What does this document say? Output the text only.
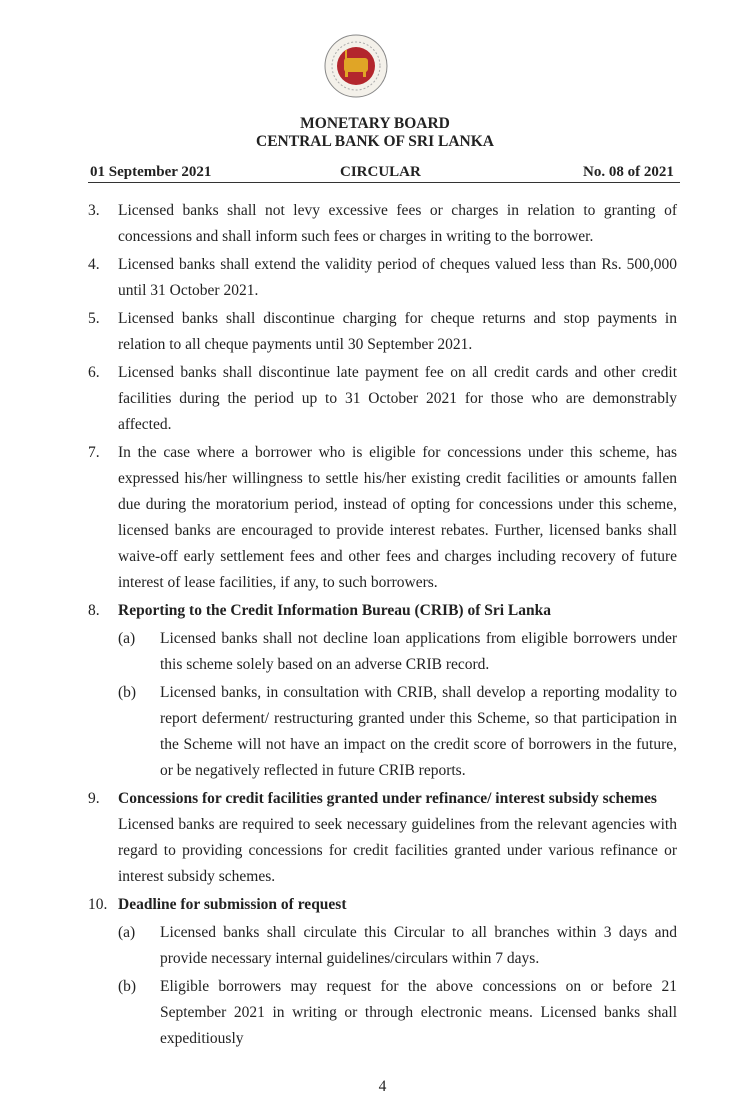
MONETARY BOARD
CENTRAL BANK OF SRI LANKA
01 September 2021	CIRCULAR	No. 08 of 2021
3.	Licensed banks shall not levy excessive fees or charges in relation to granting of concessions and shall inform such fees or charges in writing to the borrower.
4.	Licensed banks shall extend the validity period of cheques valued less than Rs. 500,000 until 31 October 2021.
5.	Licensed banks shall discontinue charging for cheque returns and stop payments in relation to all cheque payments until 30 September 2021.
6.	Licensed banks shall discontinue late payment fee on all credit cards and other credit facilities during the period up to 31 October 2021 for those who are demonstrably affected.
7.	In the case where a borrower who is eligible for concessions under this scheme, has expressed his/her willingness to settle his/her existing credit facilities or amounts fallen due during the moratorium period, instead of opting for concessions under this scheme, licensed banks are encouraged to provide interest rebates. Further, licensed banks shall waive-off early settlement fees and other fees and charges including recovery of future interest of lease facilities, if any, to such borrowers.
8.	Reporting to the Credit Information Bureau (CRIB) of Sri Lanka
(a)	Licensed banks shall not decline loan applications from eligible borrowers under this scheme solely based on an adverse CRIB record.
(b)	Licensed banks, in consultation with CRIB, shall develop a reporting modality to report deferment/ restructuring granted under this Scheme, so that participation in the Scheme will not have an impact on the credit score of borrowers in the future, or be negatively reflected in future CRIB reports.
9.	Concessions for credit facilities granted under refinance/ interest subsidy schemes
Licensed banks are required to seek necessary guidelines from the relevant agencies with regard to providing concessions for credit facilities granted under various refinance or interest subsidy schemes.
10. Deadline for submission of request
(a)	Licensed banks shall circulate this Circular to all branches within 3 days and provide necessary internal guidelines/circulars within 7 days.
(b)	Eligible borrowers may request for the above concessions on or before 21 September 2021 in writing or through electronic means. Licensed banks shall expeditiously
4
